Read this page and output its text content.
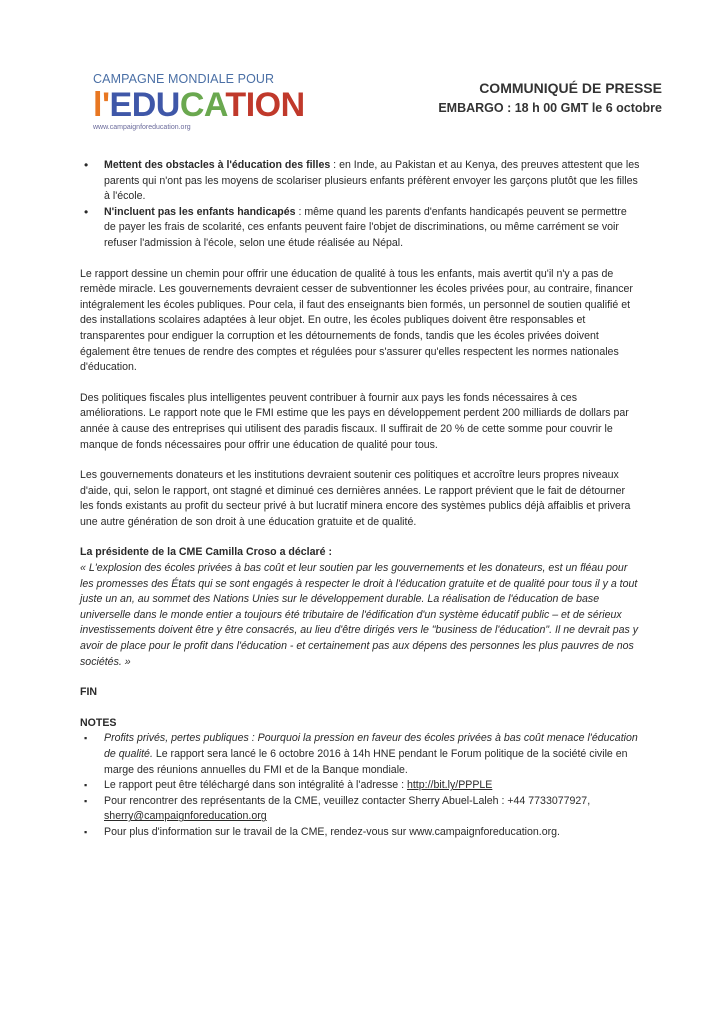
CAMPAGNE MONDIALE POUR
l'EDUCATION
www.campaignforeducation.org
COMMUNIQUÉ DE PRESSE
EMBARGO : 18 h 00 GMT le 6 octobre
• Mettent des obstacles à l'éducation des filles : en Inde, au Pakistan et au Kenya, des preuves attestent que les parents qui n'ont pas les moyens de scolariser plusieurs enfants préfèrent envoyer les garçons plutôt que les filles à l'école.
• N'incluent pas les enfants handicapés : même quand les parents d'enfants handicapés peuvent se permettre de payer les frais de scolarité, ces enfants peuvent faire l'objet de discriminations, ou même carrément se voir refuser l'admission à l'école, selon une étude réalisée au Népal.

Le rapport dessine un chemin pour offrir une éducation de qualité à tous les enfants, mais avertit qu'il n'y a pas de remède miracle. Les gouvernements devraient cesser de subventionner les écoles privées pour, au contraire, financer intégralement les écoles publiques. Pour cela, il faut des enseignants bien formés, un personnel de soutien qualifié et des installations scolaires adaptées à leur objet. En outre, les écoles publiques doivent être responsables et transparentes pour endiguer la corruption et les détournements de fonds, tandis que les écoles privées doivent également être tenues de rendre des comptes et régulées pour s'assurer qu'elles respectent les normes nationales d'éducation.

Des politiques fiscales plus intelligentes peuvent contribuer à fournir aux pays les fonds nécessaires à ces améliorations. Le rapport note que le FMI estime que les pays en développement perdent 200 milliards de dollars par année à cause des entreprises qui utilisent des paradis fiscaux. Il suffirait de 20 % de cette somme pour couvrir le manque de fonds nécessaires pour offrir une éducation de qualité pour tous.

Les gouvernements donateurs et les institutions devraient soutenir ces politiques et accroître leurs propres niveaux d'aide, qui, selon le rapport, ont stagné et diminué ces dernières années. Le rapport prévient que le fait de détourner les fonds existants au profit du secteur privé à but lucratif minera encore des systèmes publics déjà affaiblis et privera une autre génération de son droit à une éducation gratuite et de qualité.

La présidente de la CME Camilla Croso a déclaré :

« L'explosion des écoles privées à bas coût et leur soutien par les gouvernements et les donateurs, est un fléau pour les promesses des États qui se sont engagés à respecter le droit à l'éducation gratuite et de qualité pour tous il y a tout juste un an, au sommet des Nations Unies sur le développement durable. La réalisation de l'éducation de base universelle dans le monde entier a toujours été tributaire de l'édification d'un système éducatif public – et de sérieux investissements doivent être y être consacrés, au lieu d'être dirigés vers le "business de l'éducation". Il ne devrait pas y avoir de place pour le profit dans l'éducation - et certainement pas aux dépens des personnes les plus pauvres de nos sociétés. »

FIN

NOTES

▪ Profits privés, pertes publiques : Pourquoi la pression en faveur des écoles privées à bas coût menace l'éducation de qualité. Le rapport sera lancé le 6 octobre 2016 à 14h HNE pendant le Forum politique de la société civile en marge des réunions annuelles du FMI et de la Banque mondiale.
▪ Le rapport peut être téléchargé dans son intégralité à l'adresse : http://bit.ly/PPPLE
▪ Pour rencontrer des représentants de la CME, veuillez contacter Sherry Abuel-Laleh : +44 7733077927, sherry@campaignforeducation.org
▪ Pour plus d'information sur le travail de la CME, rendez-vous sur www.campaignforeducation.org.
